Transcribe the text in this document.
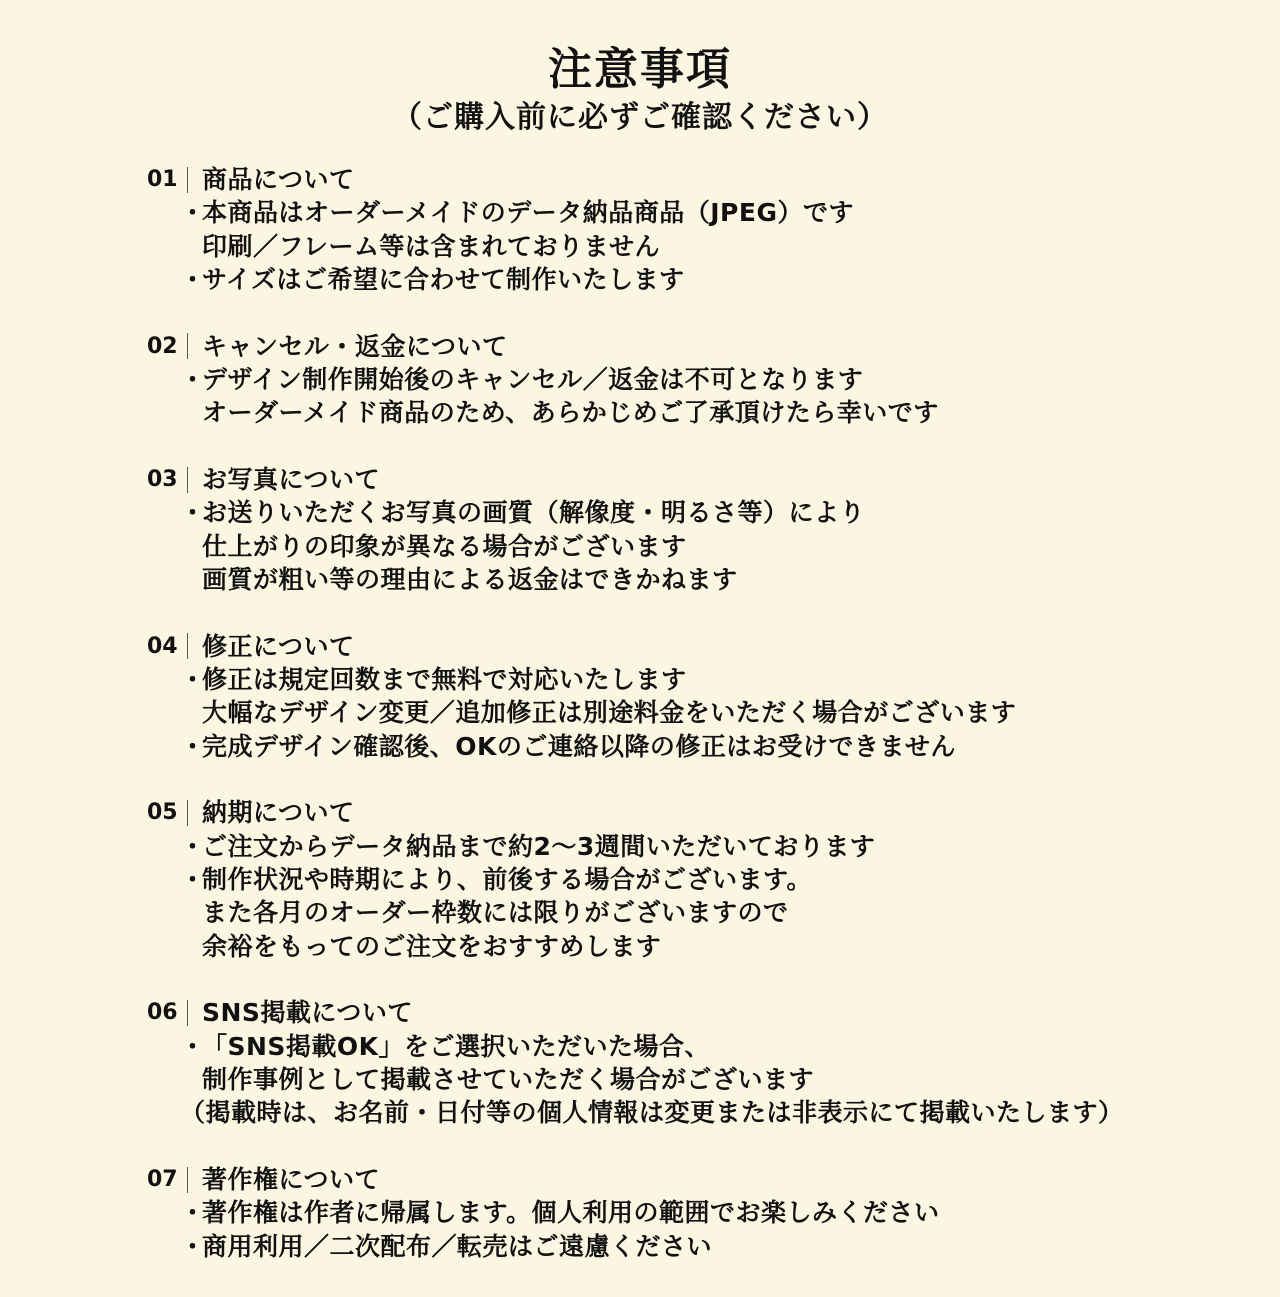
注意事項
（ご購入前に必ずご確認ください）
01 商品について
・
本商品はオーダーメイドのデータ納品商品（JPEG）です
印刷／フレーム等は含まれておりません
・
サイズはご希望に合わせて制作いたします
02 キャンセル・返金について
・
デザイン制作開始後のキャンセル／返金は不可となります
オーダーメイド商品のため、あらかじめご了承頂けたら幸いです
03 お写真について
・
お送りいただくお写真の画質（解像度・明るさ等）により
仕上がりの印象が異なる場合がございます
画質が粗い等の理由による返金はできかねます
04 修正について
・
修正は規定回数まで無料で対応いたします
大幅なデザイン変更／追加修正は別途料金をいただく場合がございます
・
完成デザイン確認後、OKのご連絡以降の修正はお受けできません
05 納期について
・
ご注文からデータ納品まで約2〜3週間いただいております
・
制作状況や時期により、前後する場合がございます。
また各月のオーダー枠数には限りがございますので
余裕をもってのご注文をおすすめします
06 SNS掲載について
・
「SNS掲載OK」をご選択いただいた場合、
制作事例として掲載させていただく場合がございます
（掲載時は、お名前・日付等の個人情報は変更または非表示にて掲載いたします）
07 著作権について
・
著作権は作者に帰属します。個人利用の範囲でお楽しみください
・
商用利用／二次配布／転売はご遠慮ください
